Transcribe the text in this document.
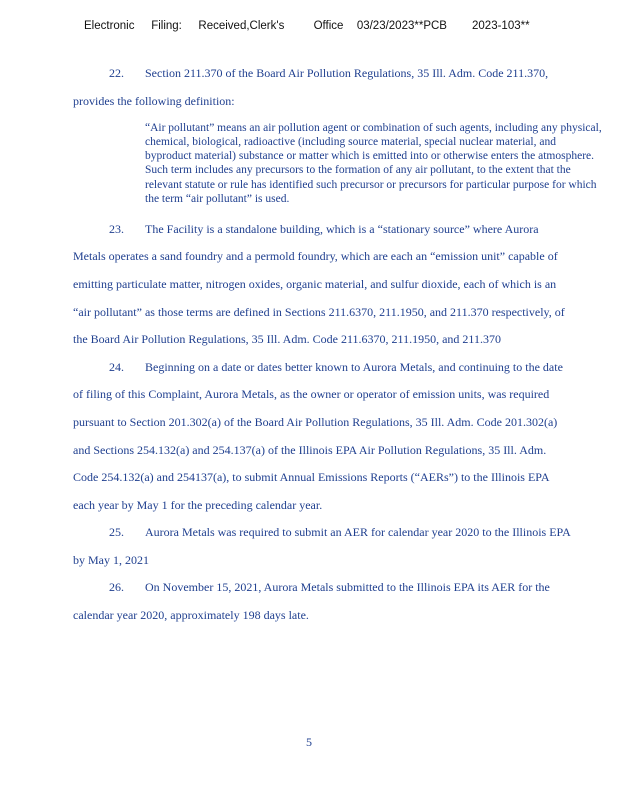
Electronic Filing: Received,Clerk's	Office 03/23/2023**PCB 2023-103**

22. Section 211.370 of the Board Air Pollution Regulations, 35 Ill. Adm. Code 211.370, provides the following definition:

“Air pollutant” means an air pollution agent or combination of such agents, including any physical, chemical, biological, radioactive (including source material, special nuclear material, and byproduct material) substance or matter which is emitted into or otherwise enters the atmosphere. Such term includes any precursors to the formation of any air pollutant, to the extent that the relevant statute or rule has identified such precursor or precursors for particular purpose for which the term “air pollutant” is used.

23. The Facility is a standalone building, which is a “stationary source” where Aurora Metals operates a sand foundry and a permold foundry, which are each an “emission unit” capable of emitting particulate matter, nitrogen oxides, organic material, and sulfur dioxide, each of which is an “air pollutant” as those terms are defined in Sections 211.6370, 211.1950, and 211.370 respectively, of the Board Air Pollution Regulations, 35 Ill. Adm. Code 211.6370, 211.1950, and 211.370

24. Beginning on a date or dates better known to Aurora Metals, and continuing to the date of filing of this Complaint, Aurora Metals, as the owner or operator of emission units, was required pursuant to Section 201.302(a) of the Board Air Pollution Regulations, 35 Ill. Adm. Code 201.302(a) and Sections 254.132(a) and 254.137(a) of the Illinois EPA Air Pollution Regulations, 35 Ill. Adm. Code 254.132(a) and 254137(a), to submit Annual Emissions Reports (“AERs”) to the Illinois EPA each year by May 1 for the preceding calendar year.

25. Aurora Metals was required to submit an AER for calendar year 2020 to the Illinois EPA by May 1, 2021

26. On November 15, 2021, Aurora Metals submitted to the Illinois EPA its AER for the calendar year 2020, approximately 198 days late.

5
